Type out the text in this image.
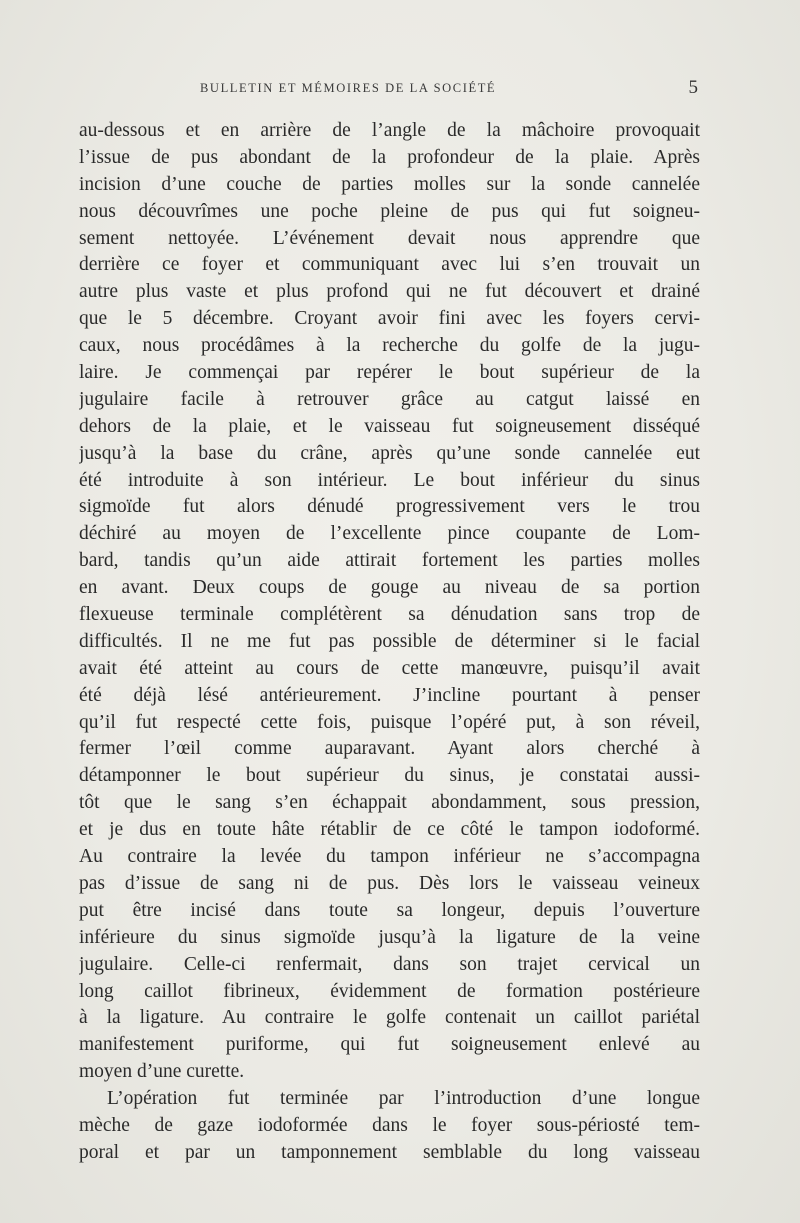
BULLETIN ET MÉMOIRES DE LA SOCIÉTÉ	5
au-dessous et en arrière de l’angle de la mâchoire provoquait
l’issue de pus abondant de la profondeur de la plaie. Après
incision d’une couche de parties molles sur la sonde cannelée
nous découvrîmes une poche pleine de pus qui fut soigneu-
sement nettoyée. L’événement devait nous apprendre que
derrière ce foyer et communiquant avec lui s’en trouvait un
autre plus vaste et plus profond qui ne fut découvert et drainé
que le 5 décembre. Croyant avoir fini avec les foyers cervi-
caux, nous procédâmes à la recherche du golfe de la jugu-
laire. Je commençai par repérer le bout supérieur de la
jugulaire facile à retrouver grâce au catgut laissé en
dehors de la plaie, et le vaisseau fut soigneusement disséqué
jusqu’à la base du crâne, après qu’une sonde cannelée eut
été introduite à son intérieur. Le bout inférieur du sinus
sigmoïde fut alors dénudé progressivement vers le trou
déchiré au moyen de l’excellente pince coupante de Lom-
bard, tandis qu’un aide attirait fortement les parties molles
en avant. Deux coups de gouge au niveau de sa portion
flexueuse terminale complétèrent sa dénudation sans trop de
difficultés. Il ne me fut pas possible de déterminer si le facial
avait été atteint au cours de cette manœuvre, puisqu’il avait
été déjà lésé antérieurement. J’incline pourtant à penser
qu’il fut respecté cette fois, puisque l’opéré put, à son réveil,
fermer l’œil comme auparavant. Ayant alors cherché à
détamponner le bout supérieur du sinus, je constatai aussi-
tôt que le sang s’en échappait abondamment, sous pression,
et je dus en toute hâte rétablir de ce côté le tampon iodoformé.
Au contraire la levée du tampon inférieur ne s’accompagna
pas d’issue de sang ni de pus. Dès lors le vaisseau veineux
put être incisé dans toute sa longeur, depuis l’ouverture
inférieure du sinus sigmoïde jusqu’à la ligature de la veine
jugulaire. Celle-ci renfermait, dans son trajet cervical un
long caillot fibrineux, évidemment de formation postérieure
à la ligature. Au contraire le golfe contenait un caillot pariétal
manifestement puriforme, qui fut soigneusement enlevé au
moyen d’une curette.
L’opération fut terminée par l’introduction d’une longue
mèche de gaze iodoformée dans le foyer sous-périosté tem-
poral et par un tamponnement semblable du long vaisseau
